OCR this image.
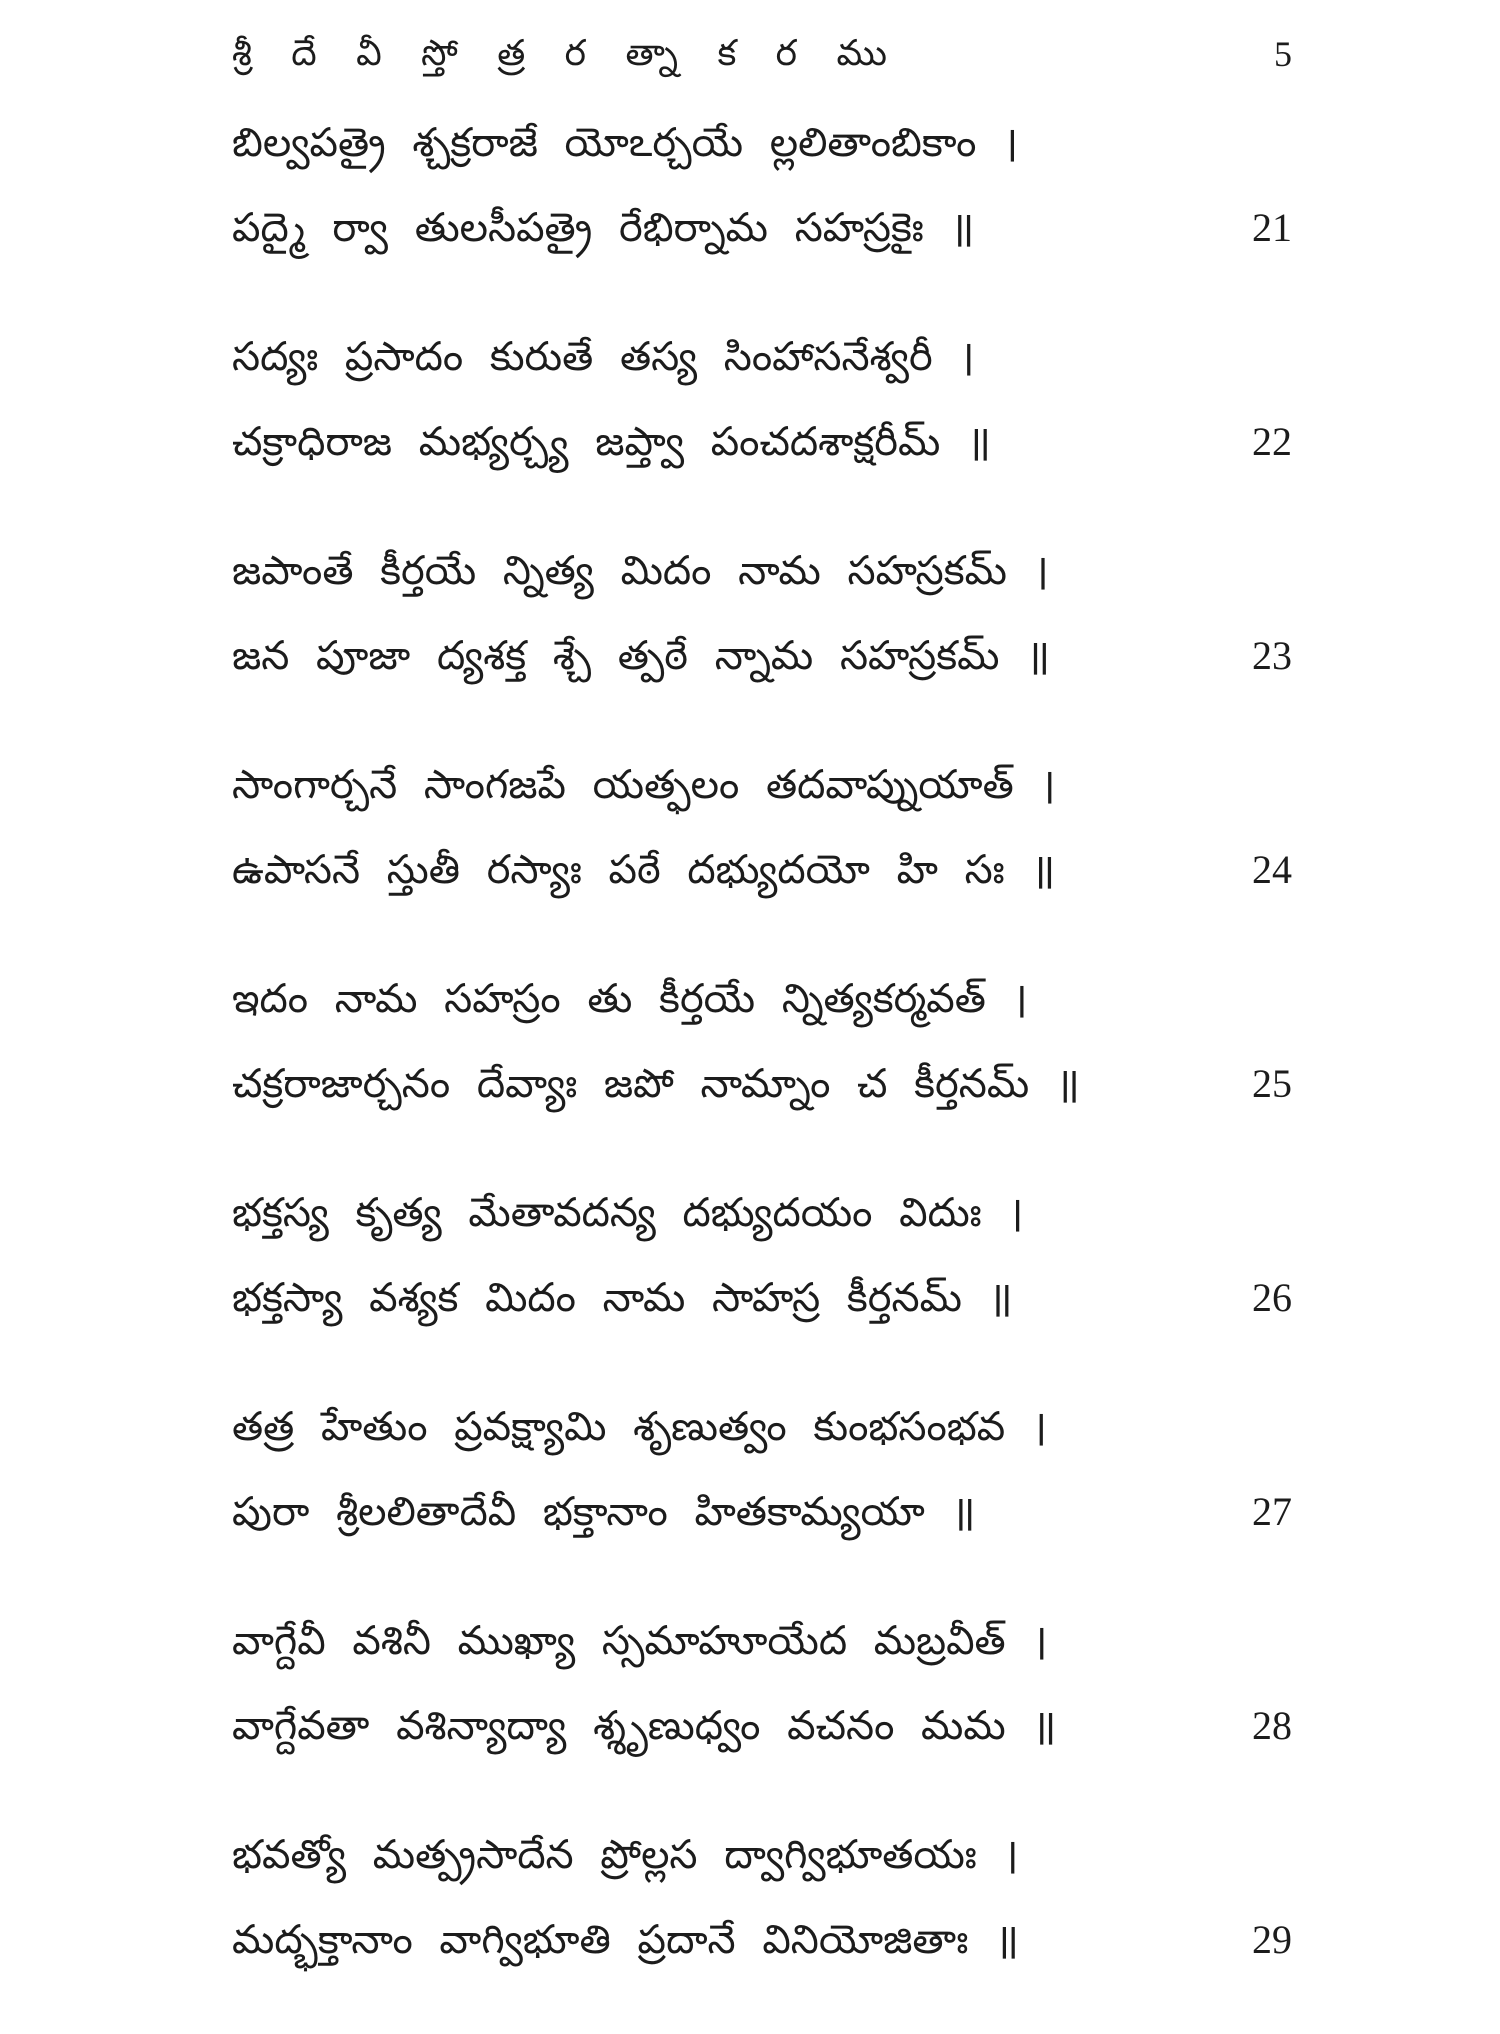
శ్రీ దే వీ స్తో త్ర ర త్నా క ర ము	5
బిల్వపత్రై శ్చక్రరాజే యోఽర్చయే ల్లలితాంబికాం ।
పద్మై ర్వా తులసీపత్రై రేభిర్నామ సహస్రకైః ॥	21
సద్యః ప్రసాదం కురుతే తస్య సింహాసనేశ్వరీ ।
చక్రాధిరాజ మభ్యర్చ్య జప్త్వా పంచదశాక్షరీమ్ ॥	22
జపాంతే కీర్తయే న్నిత్య మిదం నామ సహస్రకమ్ ।
జన పూజా ద్యశక్త శ్చే త్పఠే న్నామ సహస్రకమ్ ॥	23
సాంగార్చనే సాంగజపే యత్ఫలం తదవాప్నుయాత్ ।
ఉపాసనే స్తుతీ రస్యాః పఠే దభ్యుదయో హి సః ॥	24
ఇదం నామ సహస్రం తు కీర్తయే న్నిత్యకర్మవత్ ।
చక్రరాజార్చనం దేవ్యాః జపో నామ్నాం చ కీర్తనమ్ ॥	25
భక్తస్య కృత్య మేతావదన్య దభ్యుదయం విదుః ।
భక్తస్యా వశ్యక మిదం నామ సాహస్ర కీర్తనమ్ ॥	26
తత్ర హేతుం ప్రవక్ష్యామి శృణుత్వం కుంభసంభవ ।
పురా శ్రీలలితాదేవీ భక్తానాం హితకామ్యయా ॥	27
వాగ్దేవీ వశినీ ముఖ్యా స్సమాహూయేద మబ్రవీత్ ।
వాగ్దేవతా వశిన్యాద్యా శ్శృణుధ్వం వచనం మమ ॥	28
భవత్యో మత్ప్రసాదేన ప్రోల్లస ద్వాగ్విభూతయః ।
మద్భక్తానాం వాగ్విభూతి ప్రదానే వినియోజితాః ॥	29
